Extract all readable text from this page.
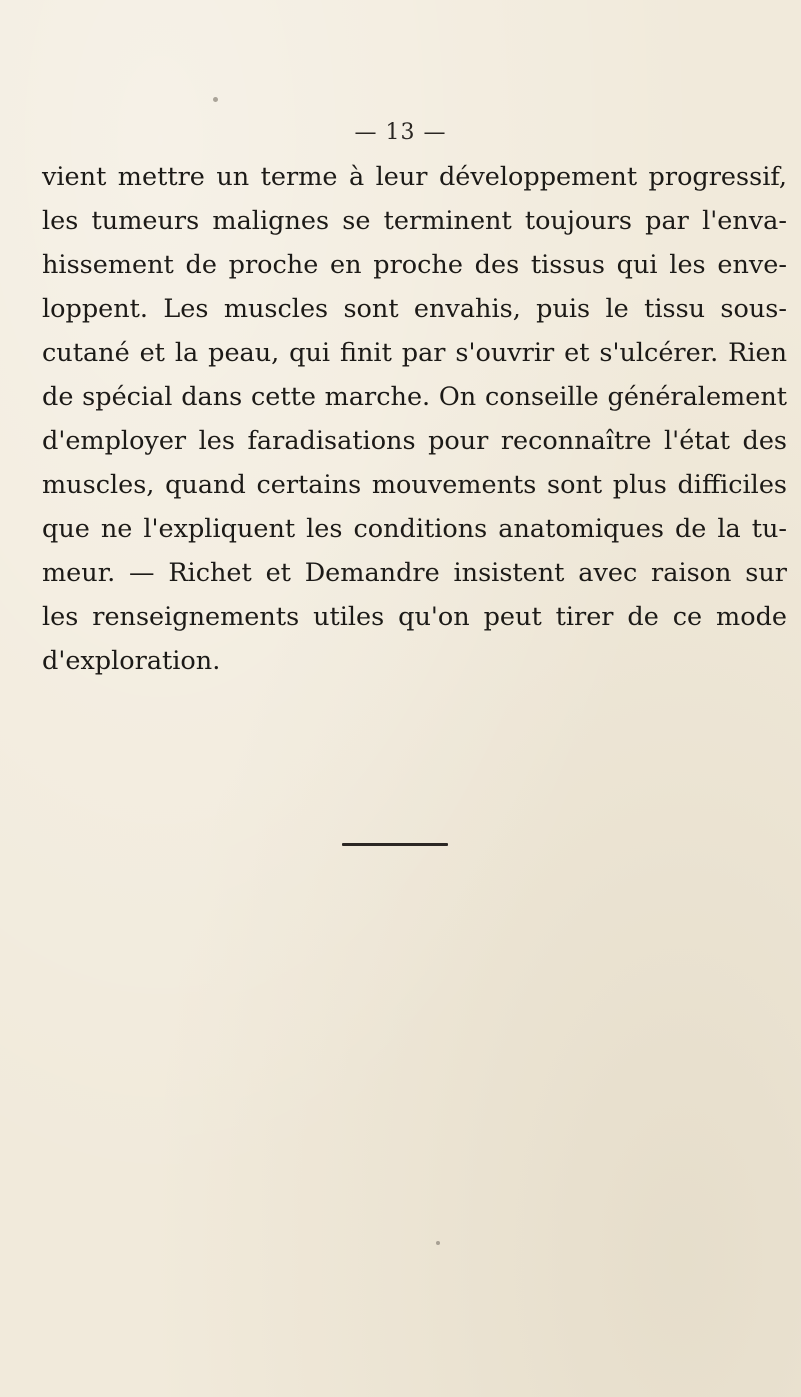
— 13 —
vient mettre un terme à leur développement progressif,
les tumeurs malignes se terminent toujours par l'enva-
hissement de proche en proche des tissus qui les enve-
loppent. Les muscles sont envahis, puis le tissu sous-
cutané et la peau, qui finit par s'ouvrir et s'ulcérer. Rien
de spécial dans cette marche. On conseille généralement
d'employer les faradisations pour reconnaître l'état des
muscles, quand certains mouvements sont plus difficiles
que ne l'expliquent les conditions anatomiques de la tu-
meur. — Richet et Demandre insistent avec raison sur
les renseignements utiles qu'on peut tirer de ce mode
d'exploration.
